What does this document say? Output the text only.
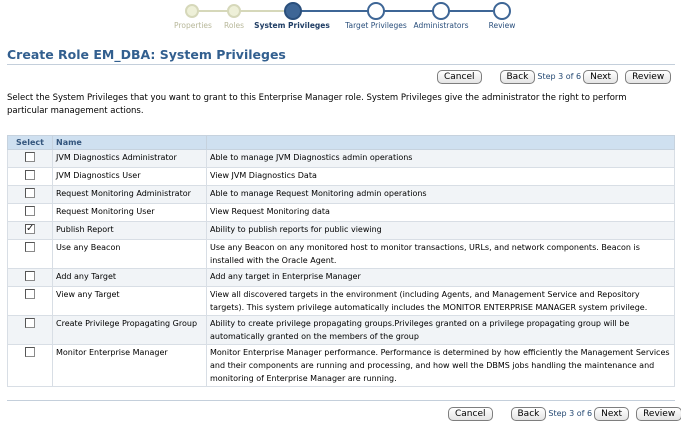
Properties Roles System Privileges Target Privileges Administrators	Review
Create Role EM_DBA: System Privileges
Cancel	Back	Step 3 of 6	Next	Review

Select the System Privileges that you want to grant to this Enterprise Manager role. System Privileges give the administrator the right to perform particular management actions.

Select	Name	
	JVM Diagnostics Administrator	Able to manage JVM Diagnostics admin operations
	JVM Diagnostics User	View JVM Diagnostics Data
	Request Monitoring Administrator	Able to manage Request Monitoring admin operations
	Request Monitoring User	View Request Monitoring data
✓	Publish Report	Ability to publish reports for public viewing
	Use any Beacon	Use any Beacon on any monitored host to monitor transactions, URLs, and network components. Beacon is installed with the Oracle Agent.
	Add any Target	Add any target in Enterprise Manager
	View any Target	View all discovered targets in the environment (including Agents, and Management Service and Repository targets). This system privilege automatically includes the MONITOR ENTERPRISE MANAGER system privilege.
	Create Privilege Propagating Group	Ability to create privilege propagating groups.Privileges granted on a privilege propagating group will be automatically granted on the members of the group
	Monitor Enterprise Manager	Monitor Enterprise Manager performance. Performance is determined by how efficiently the Management Services and their components are running and processing, and how well the DBMS jobs handling the maintenance and monitoring of Enterprise Manager are running.
Cancel	Back	Step 3 of 6	Next	Review
